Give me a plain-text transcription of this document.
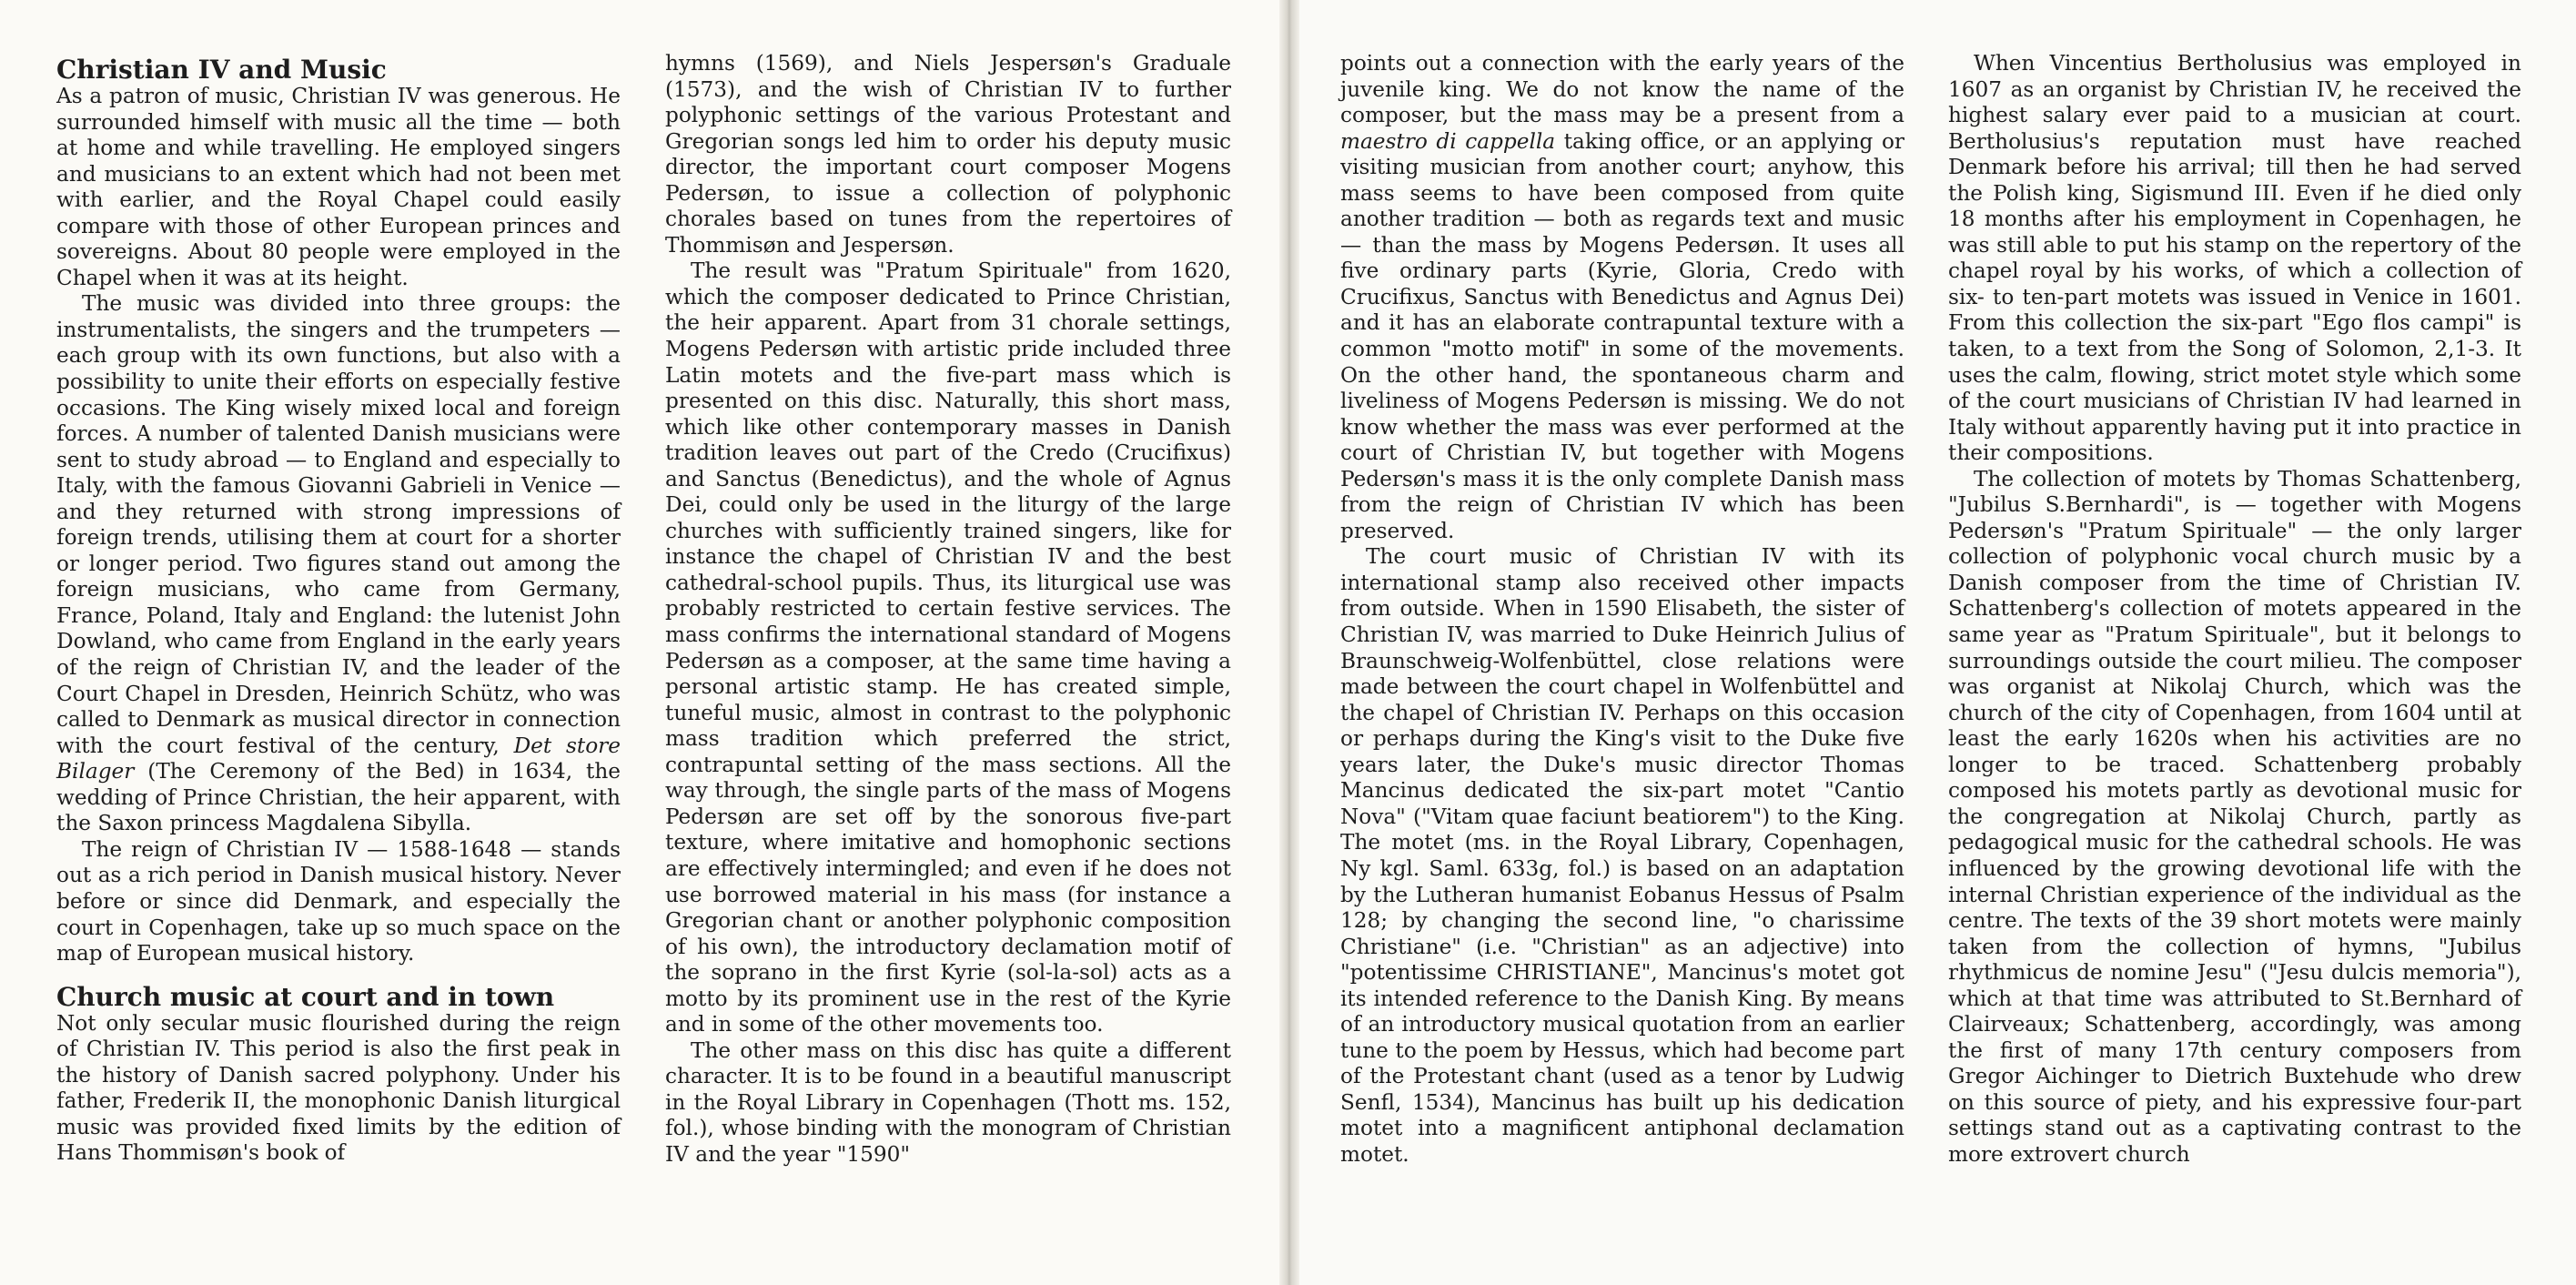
Christian IV and Music

As a patron of music, Christian IV was generous. He surrounded himself with music all the time — both at home and while travelling. He employed singers and musicians to an extent which had not been met with earlier, and the Royal Chapel could easily compare with those of other European princes and sovereigns. About 80 people were employed in the Chapel when it was at its height.

The music was divided into three groups: the instrumentalists, the singers and the trumpeters — each group with its own functions, but also with a possibility to unite their efforts on especially festive occasions. The King wisely mixed local and foreign forces. A number of talented Danish musicians were sent to study abroad — to England and especially to Italy, with the famous Giovanni Gabrieli in Venice — and they returned with strong impressions of foreign trends, utilising them at court for a shorter or longer period. Two figures stand out among the foreign musicians, who came from Germany, France, Poland, Italy and England: the lutenist John Dowland, who came from England in the early years of the reign of Christian IV, and the leader of the Court Chapel in Dresden, Heinrich Schütz, who was called to Denmark as musical director in connection with the court festival of the century, Det store Bilager (The Ceremony of the Bed) in 1634, the wedding of Prince Christian, the heir apparent, with the Saxon princess Magdalena Sibylla.

The reign of Christian IV — 1588-1648 — stands out as a rich period in Danish musical history. Never before or since did Denmark, and especially the court in Copenhagen, take up so much space on the map of European musical history.

Church music at court and in town

Not only secular music flourished during the reign of Christian IV. This period is also the first peak in the history of Danish sacred polyphony. Under his father, Frederik II, the monophonic Danish liturgical music was provided fixed limits by the edition of Hans Thommisøn's book of

hymns (1569), and Niels Jespersøn's Graduale (1573), and the wish of Christian IV to further polyphonic settings of the various Protestant and Gregorian songs led him to order his deputy music director, the important court composer Mogens Pedersøn, to issue a collection of polyphonic chorales based on tunes from the repertoires of Thommisøn and Jespersøn.

The result was "Pratum Spirituale" from 1620, which the composer dedicated to Prince Christian, the heir apparent. Apart from 31 chorale settings, Mogens Pedersøn with artistic pride included three Latin motets and the five-part mass which is presented on this disc. Naturally, this short mass, which like other contemporary masses in Danish tradition leaves out part of the Credo (Crucifixus) and Sanctus (Benedictus), and the whole of Agnus Dei, could only be used in the liturgy of the large churches with sufficiently trained singers, like for instance the chapel of Christian IV and the best cathedral-school pupils. Thus, its liturgical use was probably restricted to certain festive services. The mass confirms the international standard of Mogens Pedersøn as a composer, at the same time having a personal artistic stamp. He has created simple, tuneful music, almost in contrast to the polyphonic mass tradition which preferred the strict, contrapuntal setting of the mass sections. All the way through, the single parts of the mass of Mogens Pedersøn are set off by the sonorous five-part texture, where imitative and homophonic sections are effectively intermingled; and even if he does not use borrowed material in his mass (for instance a Gregorian chant or another polyphonic composition of his own), the introductory declamation motif of the soprano in the first Kyrie (sol-la-sol) acts as a motto by its prominent use in the rest of the Kyrie and in some of the other movements too.

The other mass on this disc has quite a different character. It is to be found in a beautiful manuscript in the Royal Library in Copenhagen (Thott ms. 152, fol.), whose binding with the monogram of Christian IV and the year "1590"

points out a connection with the early years of the juvenile king. We do not know the name of the composer, but the mass may be a present from a maestro di cappella taking office, or an applying or visiting musician from another court; anyhow, this mass seems to have been composed from quite another tradition — both as regards text and music — than the mass by Mogens Pedersøn. It uses all five ordinary parts (Kyrie, Gloria, Credo with Crucifixus, Sanctus with Benedictus and Agnus Dei) and it has an elaborate contrapuntal texture with a common "motto motif" in some of the movements. On the other hand, the spontaneous charm and liveliness of Mogens Pedersøn is missing. We do not know whether the mass was ever performed at the court of Christian IV, but together with Mogens Pedersøn's mass it is the only complete Danish mass from the reign of Christian IV which has been preserved.

The court music of Christian IV with its international stamp also received other impacts from outside. When in 1590 Elisabeth, the sister of Christian IV, was married to Duke Heinrich Julius of Braunschweig-Wolfenbüttel, close relations were made between the court chapel in Wolfenbüttel and the chapel of Christian IV. Perhaps on this occasion or perhaps during the King's visit to the Duke five years later, the Duke's music director Thomas Mancinus dedicated the six-part motet "Cantio Nova" ("Vitam quae faciunt beatiorem") to the King. The motet (ms. in the Royal Library, Copenhagen, Ny kgl. Saml. 633g, fol.) is based on an adaptation by the Lutheran humanist Eobanus Hessus of Psalm 128; by changing the second line, "o charissime Christiane" (i.e. "Christian" as an adjective) into "potentissime CHRISTIANE", Mancinus's motet got its intended reference to the Danish King. By means of an introductory musical quotation from an earlier tune to the poem by Hessus, which had become part of the Protestant chant (used as a tenor by Ludwig Senfl, 1534), Mancinus has built up his dedication motet into a magnificent antiphonal declamation motet.

When Vincentius Bertholusius was employed in 1607 as an organist by Christian IV, he received the highest salary ever paid to a musician at court. Bertholusius's reputation must have reached Denmark before his arrival; till then he had served the Polish king, Sigismund III. Even if he died only 18 months after his employment in Copenhagen, he was still able to put his stamp on the repertory of the chapel royal by his works, of which a collection of six- to ten-part motets was issued in Venice in 1601. From this collection the six-part "Ego flos campi" is taken, to a text from the Song of Solomon, 2,1-3. It uses the calm, flowing, strict motet style which some of the court musicians of Christian IV had learned in Italy without apparently having put it into practice in their compositions.

The collection of motets by Thomas Schattenberg, "Jubilus S.Bernhardi", is — together with Mogens Pedersøn's "Pratum Spirituale" — the only larger collection of polyphonic vocal church music by a Danish composer from the time of Christian IV. Schattenberg's collection of motets appeared in the same year as "Pratum Spirituale", but it belongs to surroundings outside the court milieu. The composer was organist at Nikolaj Church, which was the church of the city of Copenhagen, from 1604 until at least the early 1620s when his activities are no longer to be traced. Schattenberg probably composed his motets partly as devotional music for the congregation at Nikolaj Church, partly as pedagogical music for the cathedral schools. He was influenced by the growing devotional life with the internal Christian experience of the individual as the centre. The texts of the 39 short motets were mainly taken from the collection of hymns, "Jubilus rhythmicus de nomine Jesu" ("Jesu dulcis memoria"), which at that time was attributed to St.Bernhard of Clairveaux; Schattenberg, accordingly, was among the first of many 17th century composers from Gregor Aichinger to Dietrich Buxtehude who drew on this source of piety, and his expressive four-part settings stand out as a captivating contrast to the more extrovert church
